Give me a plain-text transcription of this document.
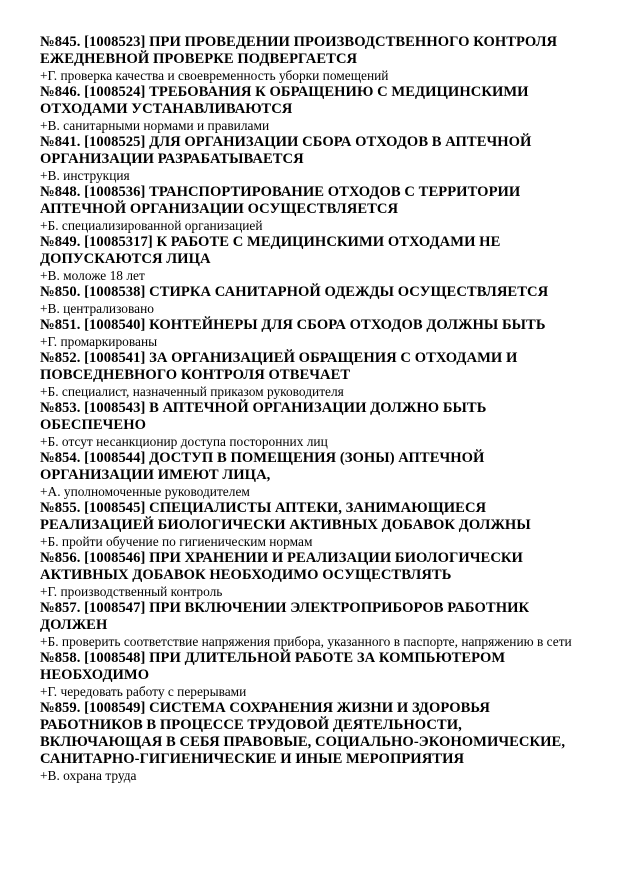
№845. [1008523] ПРИ ПРОВЕДЕНИИ ПРОИЗВОДСТВЕННОГО КОНТРОЛЯ ЕЖЕДНЕВНОЙ ПРОВЕРКЕ ПОДВЕРГАЕТСЯ

+Г. проверка качества и своевременность уборки помещений

№846. [1008524] ТРЕБОВАНИЯ К ОБРАЩЕНИЮ С МЕДИЦИНСКИМИ ОТХОДАМИ УСТАНАВЛИВАЮТСЯ

+В. санитарными нормами и правилами

№841. [1008525] ДЛЯ ОРГАНИЗАЦИИ СБОРА ОТХОДОВ В АПТЕЧНОЙ ОРГАНИЗАЦИИ РАЗРАБАТЫВАЕТСЯ

+В. инструкция

№848. [1008536] ТРАНСПОРТИРОВАНИЕ ОТХОДОВ С ТЕРРИТОРИИ АПТЕЧНОЙ ОРГАНИЗАЦИИ ОСУЩЕСТВЛЯЕТСЯ

+Б. специализированной организацией

№849. [10085317] К РАБОТЕ С МЕДИЦИНСКИМИ ОТХОДАМИ НЕ ДОПУСКАЮТСЯ ЛИЦА

+В. моложе 18 лет

№850. [1008538] СТИРКА САНИТАРНОЙ ОДЕЖДЫ ОСУЩЕСТВЛЯЕТСЯ

+В. централизовано

№851. [1008540] КОНТЕЙНЕРЫ ДЛЯ СБОРА ОТХОДОВ ДОЛЖНЫ БЫТЬ

+Г. промаркированы

№852. [1008541] ЗА ОРГАНИЗАЦИЕЙ ОБРАЩЕНИЯ С ОТХОДАМИ И ПОВСЕДНЕВНОГО КОНТРОЛЯ ОТВЕЧАЕТ

+Б. специалист, назначенный приказом руководителя

№853. [1008543] В АПТЕЧНОЙ ОРГАНИЗАЦИИ ДОЛЖНО БЫТЬ ОБЕСПЕЧЕНО

+Б. отсут несанкционир доступа посторонних лиц

№854. [1008544] ДОСТУП В ПОМЕЩЕНИЯ (ЗОНЫ) АПТЕЧНОЙ ОРГАНИЗАЦИИ ИМЕЮТ ЛИЦА,

+А. уполномоченные руководителем

№855. [1008545] СПЕЦИАЛИСТЫ АПТЕКИ, ЗАНИМАЮЩИЕСЯ РЕАЛИЗАЦИЕЙ БИОЛОГИЧЕСКИ АКТИВНЫХ ДОБАВОК ДОЛЖНЫ

+Б. пройти обучение по гигиеническим нормам

№856. [1008546] ПРИ ХРАНЕНИИ И РЕАЛИЗАЦИИ БИОЛОГИЧЕСКИ АКТИВНЫХ ДОБАВОК НЕОБХОДИМО ОСУЩЕСТВЛЯТЬ

+Г. производственный контроль

№857. [1008547] ПРИ ВКЛЮЧЕНИИ ЭЛЕКТРОПРИБОРОВ РАБОТНИК ДОЛЖЕН

+Б. проверить соответствие напряжения прибора, указанного в паспорте, напряжению в сети

№858. [1008548] ПРИ ДЛИТЕЛЬНОЙ РАБОТЕ ЗА КОМПЬЮТЕРОМ НЕОБХОДИМО

+Г. чередовать работу с перерывами

№859. [1008549] СИСТЕМА СОХРАНЕНИЯ ЖИЗНИ И ЗДОРОВЬЯ РАБОТНИКОВ В ПРОЦЕССЕ ТРУДОВОЙ ДЕЯТЕЛЬНОСТИ, ВКЛЮЧАЮЩАЯ В СЕБЯ ПРАВОВЫЕ, СОЦИАЛЬНО-ЭКОНОМИЧЕСКИЕ, САНИТАРНО-ГИГИЕНИЧЕСКИЕ И ИНЫЕ МЕРОПРИЯТИЯ

+В. охрана труда
